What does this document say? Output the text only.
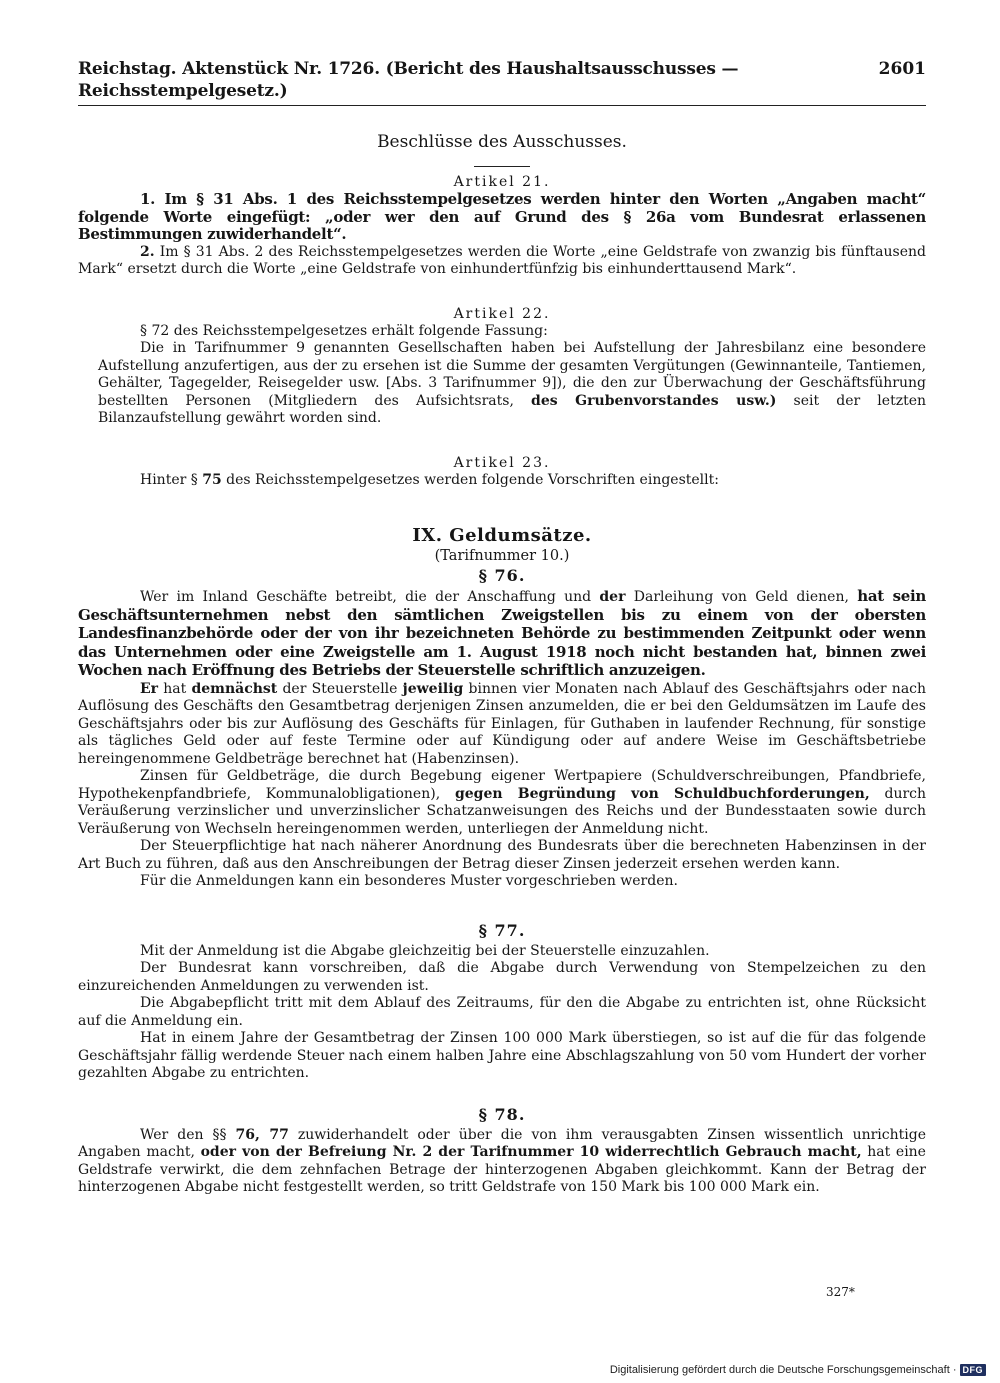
Reichstag. Aktenstück Nr. 1726. (Bericht des Haushaltsausschusses — Reichsstempelgesetz.)
2601
Beschlüsse des Ausschusses.
Artikel 21.

1. Im § 31 Abs. 1 des Reichsstempelgesetzes werden hinter den Worten „Angaben macht“ folgende Worte eingefügt: „oder wer den auf Grund des § 26a vom Bundesrat erlassenen Bestimmungen zuwiderhandelt“.

2. Im § 31 Abs. 2 des Reichsstempelgesetzes werden die Worte „eine Geldstrafe von zwanzig bis fünftausend Mark“ ersetzt durch die Worte „eine Geldstrafe von einhundertfünfzig bis einhunderttausend Mark“.

Artikel 22.

§ 72 des Reichsstempelgesetzes erhält folgende Fassung:

Die in Tarifnummer 9 genannten Gesellschaften haben bei Aufstellung der Jahresbilanz eine besondere Aufstellung anzufertigen, aus der zu ersehen ist die Summe der gesamten Vergütungen (Gewinnanteile, Tantiemen, Gehälter, Tagegelder, Reisegelder usw. [Abs. 3 Tarifnummer 9]), die den zur Überwachung der Geschäftsführung bestellten Personen (Mitgliedern des Aufsichtsrats, des Grubenvorstandes usw.) seit der letzten Bilanzaufstellung gewährt worden sind.

Artikel 23.

Hinter § 75 des Reichsstempelgesetzes werden folgende Vorschriften eingestellt:

IX. Geldumsätze.
(Tarifnummer 10.)
§ 76.

Wer im Inland Geschäfte betreibt, die der Anschaffung und der Darleihung von Geld dienen, hat sein Geschäftsunternehmen nebst den sämtlichen Zweigstellen bis zu einem von der obersten Landesfinanzbehörde oder der von ihr bezeichneten Behörde zu bestimmenden Zeitpunkt oder wenn das Unternehmen oder eine Zweigstelle am 1. August 1918 noch nicht bestanden hat, binnen zwei Wochen nach Eröffnung des Betriebs der Steuerstelle schriftlich anzuzeigen.

Er hat demnächst der Steuerstelle jeweilig binnen vier Monaten nach Ablauf des Geschäftsjahrs oder nach Auflösung des Geschäfts den Gesamtbetrag derjenigen Zinsen anzumelden, die er bei den Geldumsätzen im Laufe des Geschäftsjahrs oder bis zur Auflösung des Geschäfts für Einlagen, für Guthaben in laufender Rechnung, für sonstige als tägliches Geld oder auf feste Termine oder auf Kündigung oder auf andere Weise im Geschäftsbetriebe hereingenommene Geldbeträge berechnet hat (Habenzinsen).

Zinsen für Geldbeträge, die durch Begebung eigener Wertpapiere (Schuldverschreibungen, Pfandbriefe, Hypothekenpfandbriefe, Kommunalobligationen), gegen Begründung von Schuldbuchforderungen, durch Veräußerung verzinslicher und unverzinslicher Schatzanweisungen des Reichs und der Bundesstaaten sowie durch Veräußerung von Wechseln hereingenommen werden, unterliegen der Anmeldung nicht.

Der Steuerpflichtige hat nach näherer Anordnung des Bundesrats über die berechneten Habenzinsen in der Art Buch zu führen, daß aus den Anschreibungen der Betrag dieser Zinsen jederzeit ersehen werden kann.

Für die Anmeldungen kann ein besonderes Muster vorgeschrieben werden.

§ 77.

Mit der Anmeldung ist die Abgabe gleichzeitig bei der Steuerstelle einzuzahlen.

Der Bundesrat kann vorschreiben, daß die Abgabe durch Verwendung von Stempelzeichen zu den einzureichenden Anmeldungen zu verwenden ist.

Die Abgabepflicht tritt mit dem Ablauf des Zeitraums, für den die Abgabe zu entrichten ist, ohne Rücksicht auf die Anmeldung ein.

Hat in einem Jahre der Gesamtbetrag der Zinsen 100 000 Mark überstiegen, so ist auf die für das folgende Geschäftsjahr fällig werdende Steuer nach einem halben Jahre eine Abschlagszahlung von 50 vom Hundert der vorher gezahlten Abgabe zu entrichten.

§ 78.

Wer den §§ 76, 77 zuwiderhandelt oder über die von ihm verausgabten Zinsen wissentlich unrichtige Angaben macht, oder von der Befreiung Nr. 2 der Tarifnummer 10 widerrechtlich Gebrauch macht, hat eine Geldstrafe verwirkt, die dem zehnfachen Betrage der hinterzogenen Abgaben gleichkommt. Kann der Betrag der hinterzogenen Abgabe nicht festgestellt werden, so tritt Geldstrafe von 150 Mark bis 100 000 Mark ein.

327*
Digitalisierung gefördert durch die Deutsche Forschungsgemeinschaft · DFG
